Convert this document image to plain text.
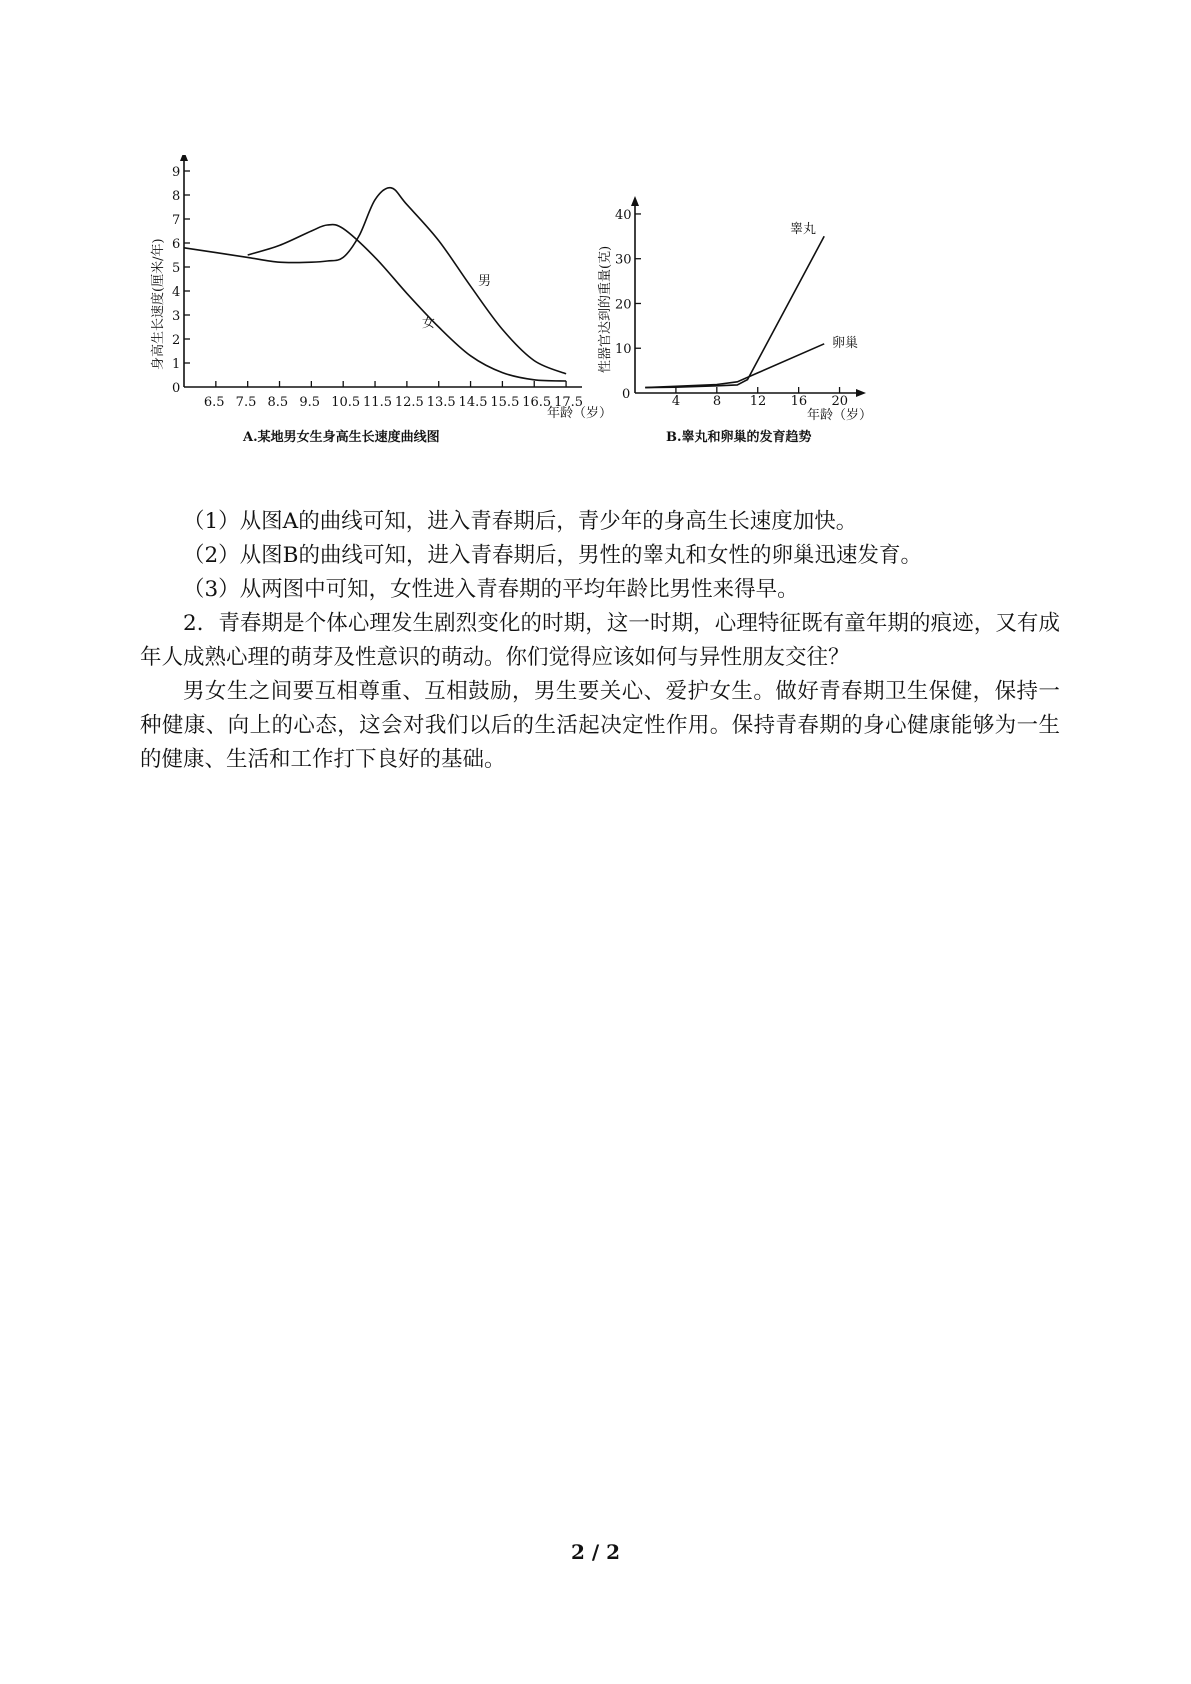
0
1
2
3
4
5
6
7
8
9
6.5 7.5 8.5 9.5 10.5 11.5 12.5 13.5 14.5 15.5 16.5 17.5
男
女
身高生长速度(厘米/年)
年龄（岁）
A.某地男女生身高生长速度曲线图
0
10
20
30
40
4	8 12 16 20
睾丸
卵巢
性器官达到的重量(克)
年龄（岁）
B.睾丸和卵巢的发育趋势

（1）从图A的曲线可知，进入青春期后，青少年的身高生长速度加快。

（2）从图B的曲线可知，进入青春期后，男性的睾丸和女性的卵巢迅速发育。

（3）从两图中可知，女性进入青春期的平均年龄比男性来得早。

2．青春期是个体心理发生剧烈变化的时期，这一时期，心理特征既有童年期的痕迹，又有成年人成熟心理的萌芽及性意识的萌动。你们觉得应该如何与异性朋友交往？

男女生之间要互相尊重、互相鼓励，男生要关心、爱护女生。做好青春期卫生保健，保持一种健康、向上的心态，这会对我们以后的生活起决定性作用。保持青春期的身心健康能够为一生的健康、生活和工作打下良好的基础。

2 / 2
